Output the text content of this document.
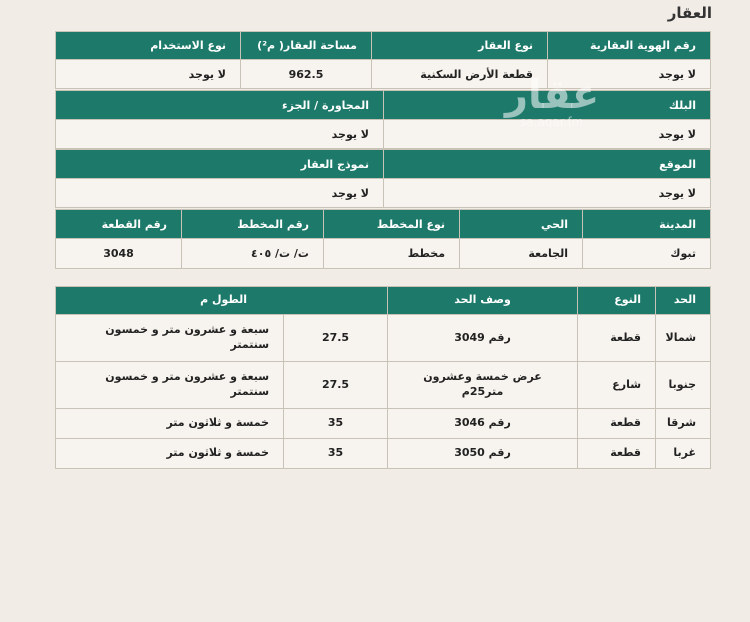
العقار
رقم الهوية العقارية	نوع العقار	مساحة العقار( م²)	نوع الاستخدام
لا يوجد	قطعة الأرض السكنية	962.5	لا يوجد
البلك	المجاورة / الجزء
لا يوجد	لا يوجد
الموقع	نموذج العقار
لا يوجد	لا يوجد
المدينة	الحي	نوع المخطط	رقم المخطط	رقم القطعة
تبوك	الجامعة	مخطط	ت/ ت/ ٤٠٥	3048
الحد	النوع	وصف الحد	الطول م	
شمالا	قطعة	رقم 3049	27.5	سبعة و عشرون متر و خمسون سنتمتر
جنوبا	شارع	عرض خمسة وعشرون متر25م	27.5	سبعة و عشرون متر و خمسون سنتمتر
شرقا	قطعة	رقم 3046	35	خمسة و ثلاثون متر
غربا	قطعة	رقم 3050	35	خمسة و ثلاثون متر
عقار
sa.aqar.fm
